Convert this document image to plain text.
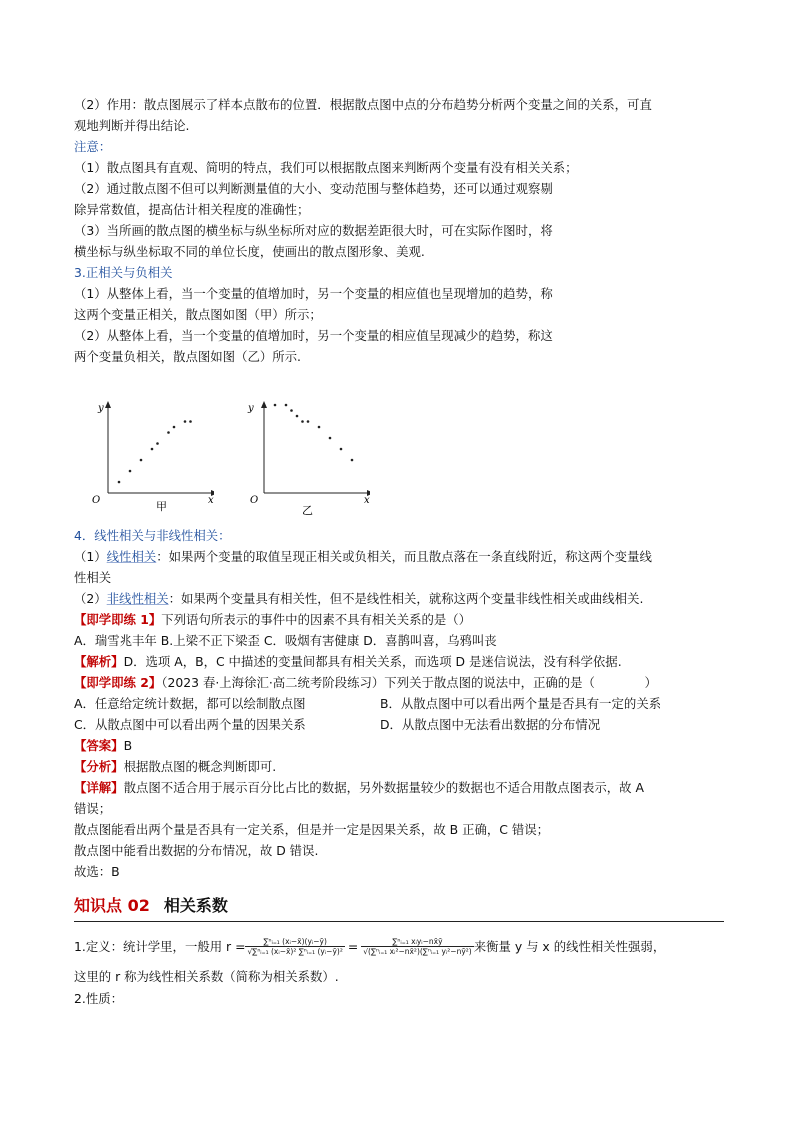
（2）作用：散点图展示了样本点散布的位置．根据散点图中点的分布趋势分析两个变量之间的关系，可直

观地判断并得出结论.

注意：

（1）散点图具有直观、简明的特点，我们可以根据散点图来判断两个变量有没有相关关系；

（2）通过散点图不但可以判断测量值的大小、变动范围与整体趋势，还可以通过观察剔

除异常数值，提高估计相关程度的准确性；

（3）当所画的散点图的横坐标与纵坐标所对应的数据差距很大时，可在实际作图时，将

横坐标与纵坐标取不同的单位长度，使画出的散点图形象、美观.

3.正相关与负相关

（1）从整体上看，当一个变量的值增加时，另一个变量的相应值也呈现增加的趋势，称

这两个变量正相关，散点图如图（甲）所示；

（2）从整体上看，当一个变量的值增加时，另一个变量的相应值呈现减少的趋势，称这

两个变量负相关，散点图如图（乙）所示.

y
O	x
甲
y
O	x
乙

4．线性相关与非线性相关：

（1）线性相关：如果两个变量的取值呈现正相关或负相关，而且散点落在一条直线附近，称这两个变量线

性相关

（2）非线性相关：如果两个变量具有相关性，但不是线性相关，就称这两个变量非线性相关或曲线相关.

【即学即练 1】下列语句所表示的事件中的因素不具有相关关系的是（）

A．瑞雪兆丰年 B.上梁不正下梁歪 C．吸烟有害健康 D．喜鹊叫喜，乌鸦叫丧

【解析】D．选项 A，B，C 中描述的变量间都具有相关关系，而选项 D 是迷信说法，没有科学依据.

【即学即练 2】（2023 春·上海徐汇·高二统考阶段练习）下列关于散点图的说法中，正确的是（　　　　）

A．任意给定统计数据，都可以绘制散点图	B．从散点图中可以看出两个量是否具有一定的关系
C．从散点图中可以看出两个量的因果关系	D．从散点图中无法看出数据的分布情况

【答案】B

【分析】根据散点图的概念判断即可.

【详解】散点图不适合用于展示百分比占比的数据，另外数据量较少的数据也不适合用散点图表示，故 A

错误；

散点图能看出两个量是否具有一定关系，但是并一定是因果关系，故 B 正确，C 错误；

散点图中能看出数据的分布情况，故 D 错误.

故选：B

知识点 02 相关系数
1.定义：统计学里，一般用 $r = \frac{\text{∑ⁿᵢ₌₁ (xᵢ−x̄)(yᵢ−ȳ)}}{\text{√∑ⁿᵢ₌₁ (xᵢ−x̄)² ∑ⁿᵢ₌₁ (yᵢ−ȳ)²}} = \frac{\text{∑ⁿᵢ₌₁ xᵢyᵢ−nx̄ȳ}}{\text{√(∑ⁿᵢ₌₁ xᵢ²−nx̄²)(∑ⁿᵢ₌₁ yᵢ²−nȳ²)}}$ 来衡量 y 与 x 的线性相关性强弱，

这里的 r 称为线性相关系数（简称为相关系数）.

2.性质：
